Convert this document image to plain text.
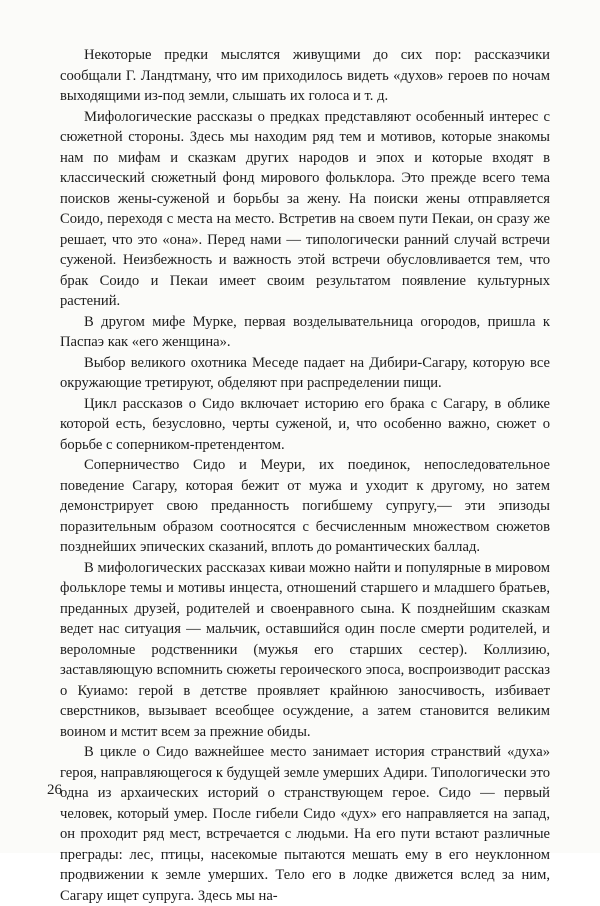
Некоторые предки мыслятся живущими до сих пор: рассказчики сообщали Г. Ландтману, что им приходилось видеть «духов» героев по ночам выходящими из-под земли, слышать их голоса и т. д.

Мифологические рассказы о предках представляют особенный интерес с сюжетной стороны. Здесь мы находим ряд тем и мотивов, которые знакомы нам по мифам и сказкам других народов и эпох и которые входят в классический сюжетный фонд мирового фольклора. Это прежде всего тема поисков жены-суженой и борьбы за жену. На поиски жены отправляется Соидо, переходя с места на место. Встретив на своем пути Пекаи, он сразу же решает, что это «она». Перед нами — типологически ранний случай встречи суженой. Неизбежность и важность этой встречи обусловливается тем, что брак Соидо и Пекаи имеет своим результатом появление культурных растений.

В другом мифе Мурке, первая возделывательница огородов, пришла к Паспаэ как «его женщина».

Выбор великого охотника Меседе падает на Дибири-Сагару, которую все окружающие третируют, обделяют при распределении пищи.

Цикл рассказов о Сидо включает историю его брака с Сагару, в облике которой есть, безусловно, черты суженой, и, что особенно важно, сюжет о борьбе с соперником-претендентом.

Соперничество Сидо и Меури, их поединок, непоследовательное поведение Сагару, которая бежит от мужа и уходит к другому, но затем демонстрирует свою преданность погибшему супругу,— эти эпизоды поразительным образом соотносятся с бесчисленным множеством сюжетов позднейших эпических сказаний, вплоть до романтических баллад.

В мифологических рассказах киваи можно найти и популярные в мировом фольклоре темы и мотивы инцеста, отношений старшего и младшего братьев, преданных друзей, родителей и своенравного сына. К позднейшим сказкам ведет нас ситуация — мальчик, оставшийся один после смерти родителей, и вероломные родственники (мужья его старших сестер). Коллизию, заставляющую вспомнить сюжеты героического эпоса, воспроизводит рассказ о Куиамо: герой в детстве проявляет крайнюю заносчивость, избивает сверстников, вызывает всеобщее осуждение, а затем становится великим воином и мстит всем за прежние обиды.

В цикле о Сидо важнейшее место занимает история странствий «духа» героя, направляющегося к будущей земле умерших Адири. Типологически это одна из архаических историй о странствующем герое. Сидо — первый человек, который умер. После гибели Сидо «дух» его направляется на запад, он проходит ряд мест, встречается с людьми. На его пути встают различные преграды: лес, птицы, насекомые пытаются мешать ему в его неуклонном продвижении к земле умерших. Тело его в лодке движется вслед за ним, Сагару ищет супруга. Здесь мы на-

26
